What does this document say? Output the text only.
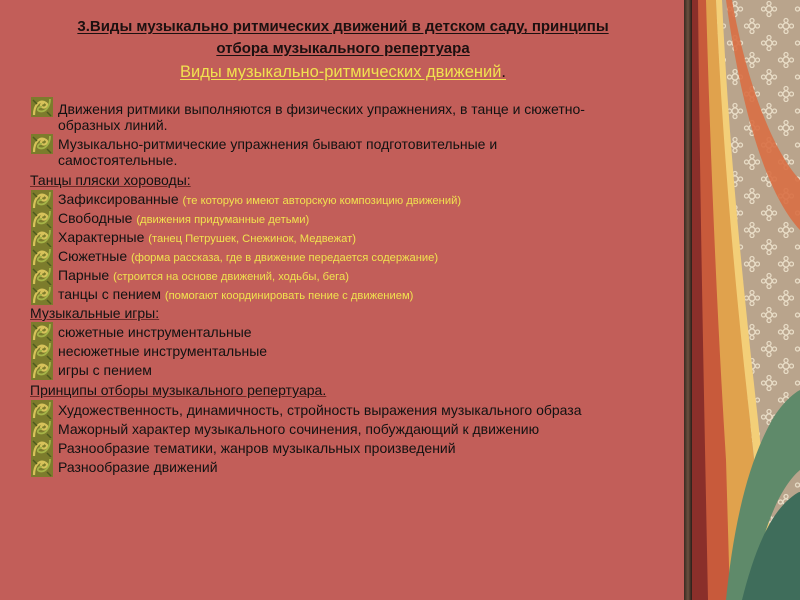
3.Виды музыкально ритмических движений в детском саду, принципы
отбора музыкального репертуара
Виды музыкально-ритмических движений.
Движения ритмики выполняются в физических упражнениях, в танце и сюжетно-
образных линий.
Музыкально-ритмические упражнения бывают подготовительные и
самостоятельные.
Танцы пляски хороводы:
Зафиксированные (те которую имеют авторскую композицию движений)
Свободные (движения придуманные детьми)
Характерные (танец Петрушек, Снежинок, Медвежат)
Сюжетные (форма рассказа, где в движение передается содержание)
Парные (строится на основе движений, ходьбы, бега)
танцы с пением (помогают координировать пение с движением)
Музыкальные игры:
сюжетные инструментальные
несюжетные инструментальные
игры с пением
Принципы отборы музыкального репертуара.
Художественность, динамичность, стройность выражения музыкального образа
Мажорный характер музыкального сочинения, побуждающий к движению
Разнообразие тематики, жанров музыкальных произведений
Разнообразие движений
